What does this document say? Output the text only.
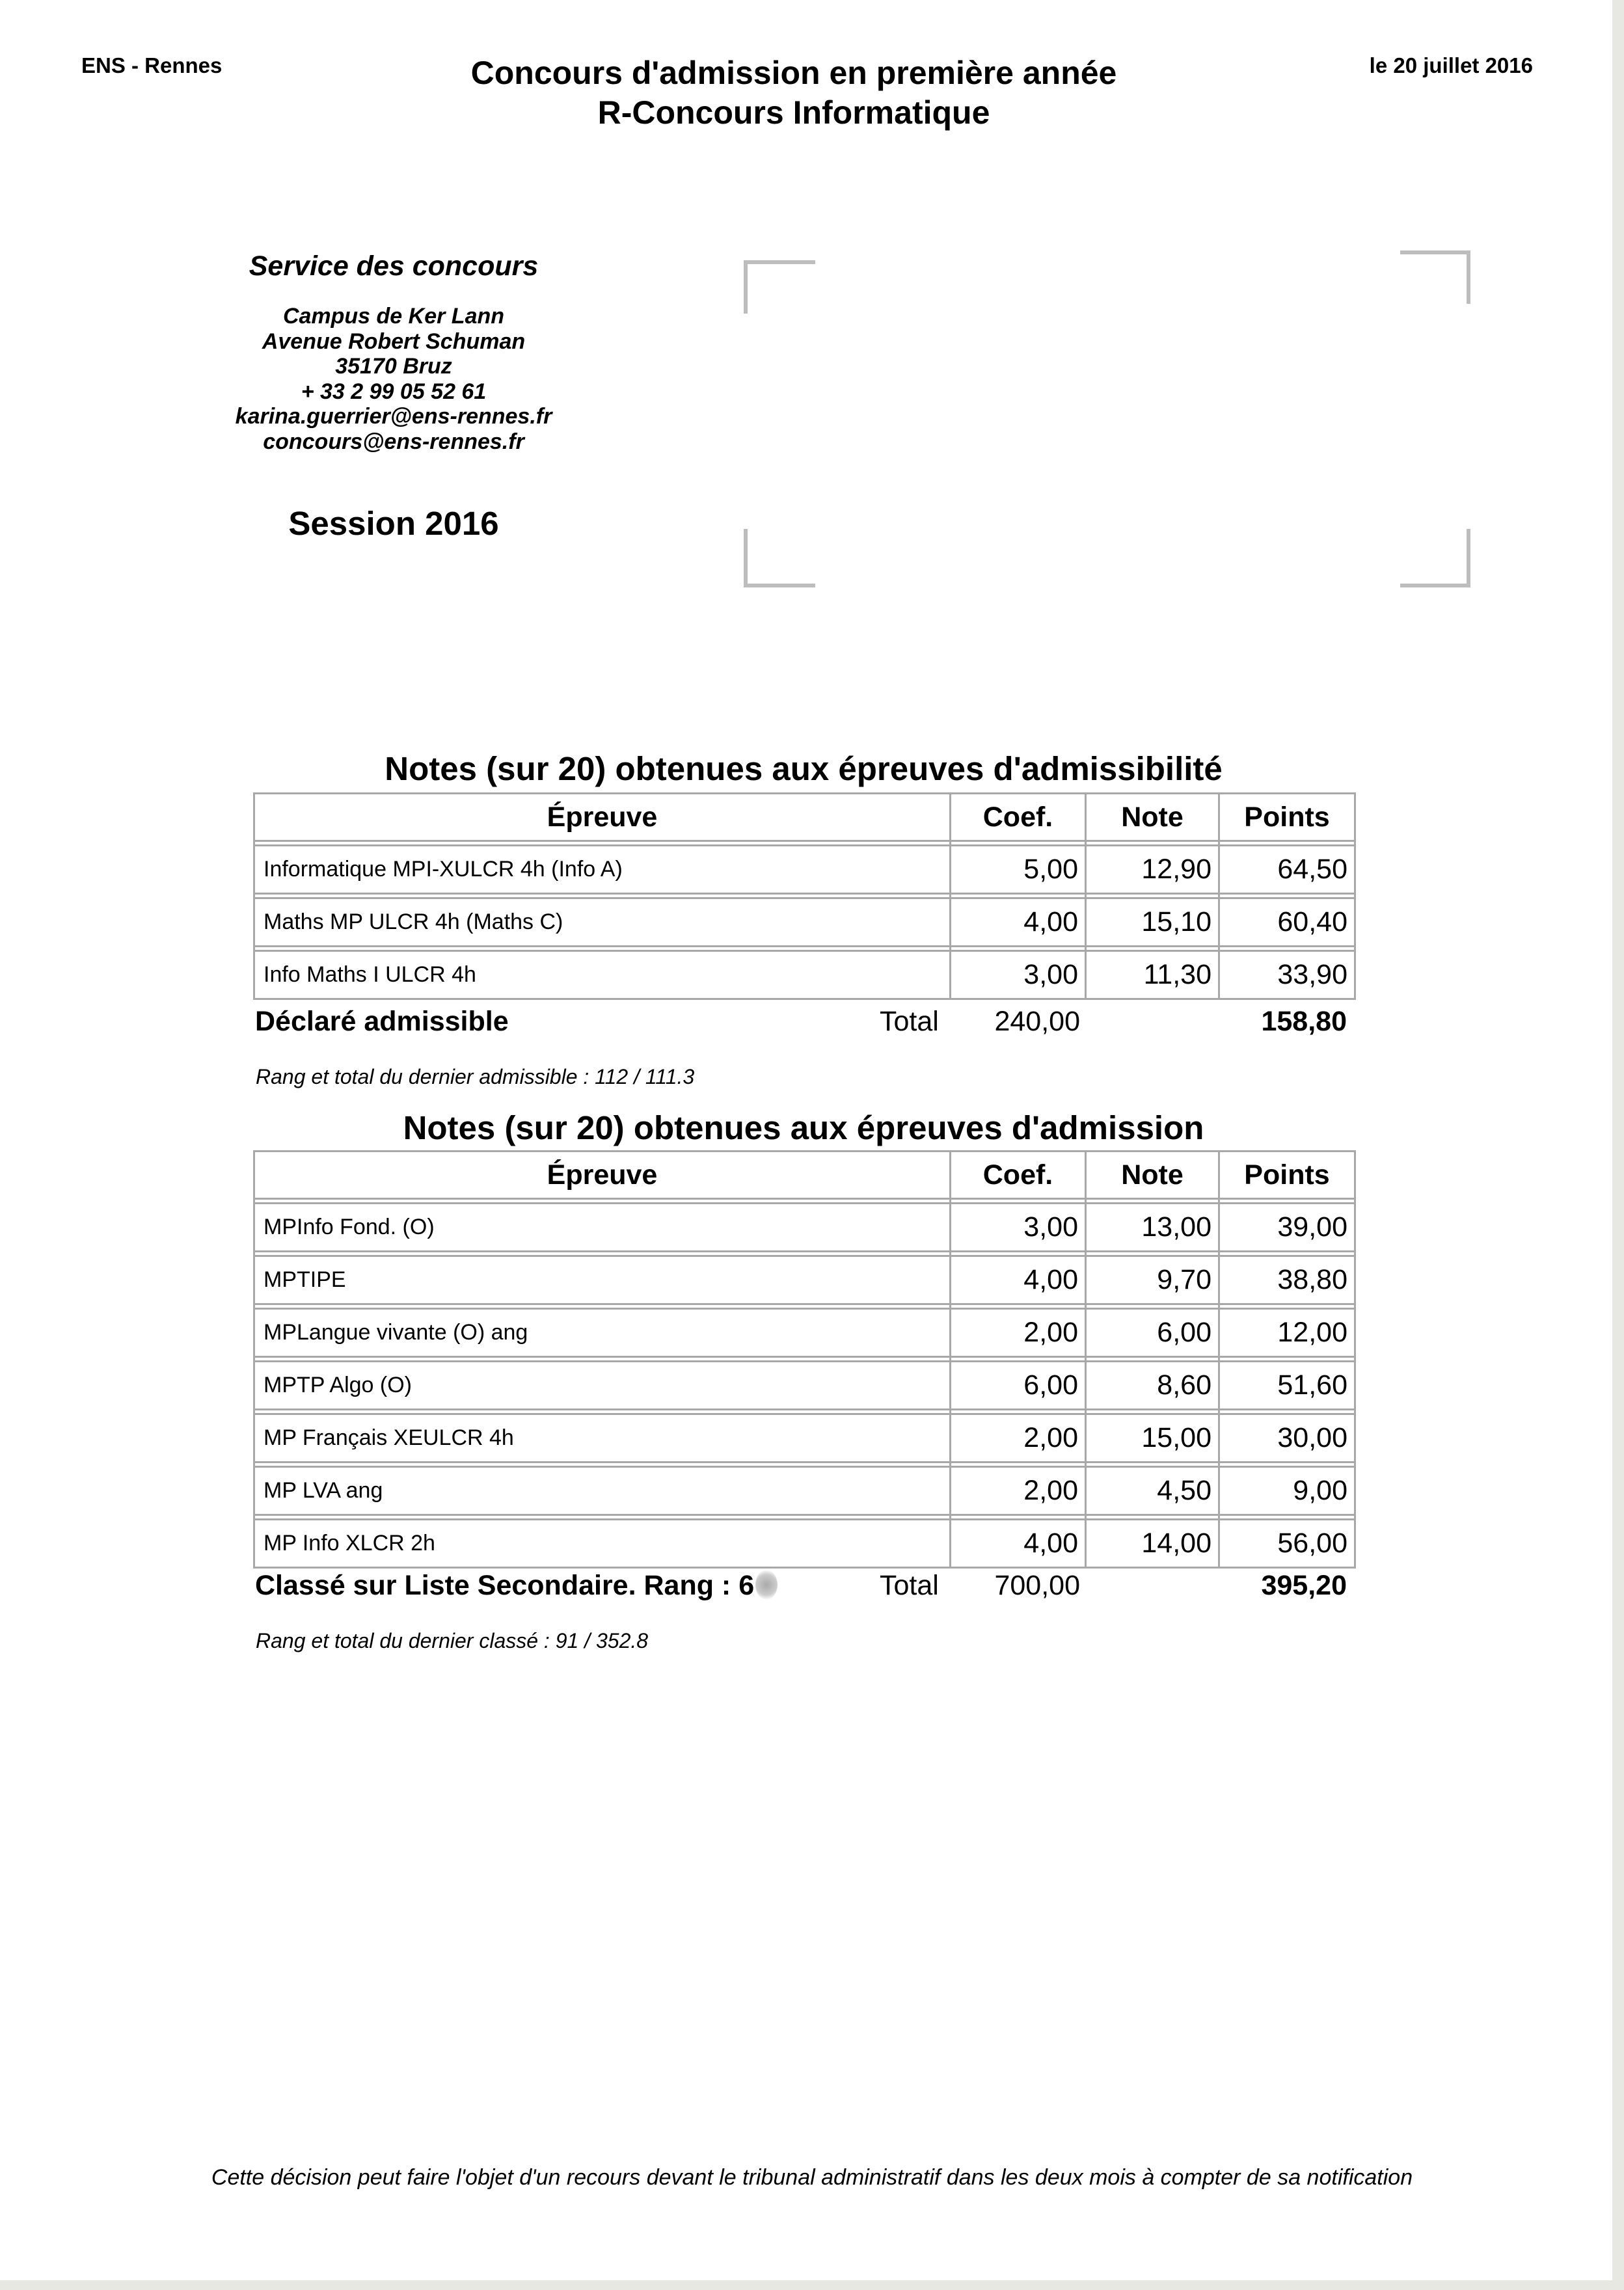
ENS - Rennes	Concours d'admission en première année
R-Concours Informatique
le 20 juillet 2016
Service des concours
Campus de Ker Lann
Avenue Robert Schuman
35170 Bruz
+ 33 2 99 05 52 61
karina.guerrier@ens-rennes.fr
concours@ens-rennes.fr
Session 2016
Notes (sur 20) obtenues aux épreuves d'admissibilité
Épreuve	Coef.	Note	Points

Informatique MPI-XULCR 4h (Info A)	5,00	12,90	64,50

Maths MP ULCR 4h (Maths C)	4,00	15,10	60,40

Info Maths I ULCR 4h	3,00	11,30	33,90
Déclaré admissible	Total	240,00	158,80
Rang et total du dernier admissible : 112 / 111.3
Notes (sur 20) obtenues aux épreuves d'admission
Épreuve	Coef.	Note	Points

MPInfo Fond. (O)	3,00	13,00	39,00

MPTIPE	4,00	9,70	38,80

MPLangue vivante (O) ang	2,00	6,00	12,00

MPTP Algo (O)	6,00	8,60	51,60

MP Français XEULCR 4h	2,00	15,00	30,00

MP LVA ang	2,00	4,50	9,00

MP Info XLCR 2h	4,00	14,00	56,00
Classé sur Liste Secondaire. Rang : 6	Total	700,00	395,20
Rang et total du dernier classé : 91 / 352.8
Cette décision peut faire l'objet d'un recours devant le tribunal administratif dans les deux mois à compter de sa notification
